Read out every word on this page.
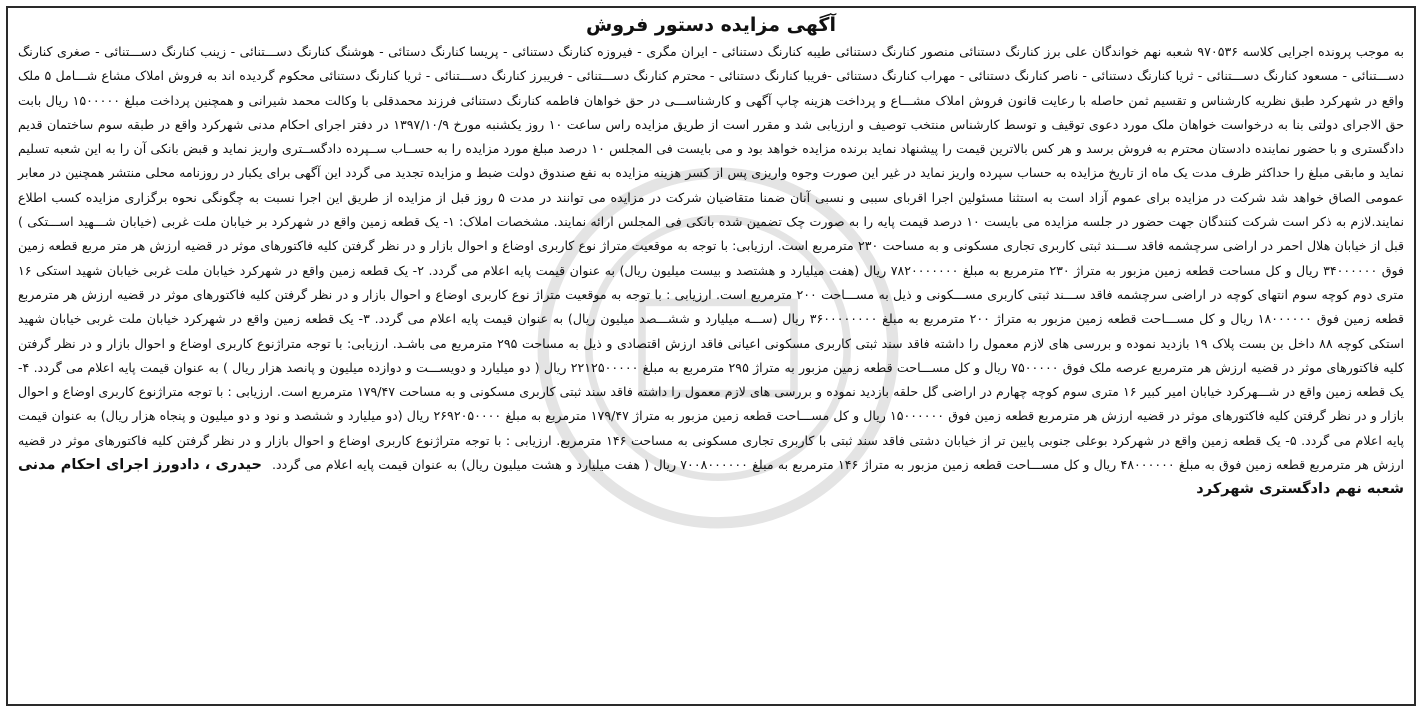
آگهی مزایده دستور فروش

به موجب پرونده اجرایی کلاسه ۹۷۰۵۳۶ شعبه نهم خواندگان علی برز کنارنگ دستنائی منصور کنارنگ دستنائی طیبه کنارنگ دستنائی - ایران مگری - فیروزه کنارنگ دستنائی - پریسا کنارنگ دستائی - هوشنگ کنارنگ دســـتنائی - زینب کنارنگ دســـتنائی - صغری کنارنگ دســـتنائی - مسعود کنارنگ دســـتنائی - ثریا کنارنگ دستنائی - ناصر کنارنگ دستنائی - مهراب کنارنگ دستنائی -فریبا کنارنگ دستنائی - محترم کنارنگ دســـتنائی - فریبرز کنارنگ دســـتنائی - ثریا کنارنگ دستنائی محکوم گردیده اند به فروش املاک مشاع شـــامل ۵ ملک واقع در شهرکرد طبق نظریه کارشناس و تقسیم ثمن حاصله با رعایت قانون فروش املاک مشـــاع و پرداخت هزینه چاپ آگهی و کارشناســـی در حق خواهان فاطمه کنارنگ دستنائی فرزند محمدقلی با وکالت محمد شیرانی و همچنین پرداخت مبلغ ۱۵۰۰۰۰۰ ریال بابت حق الاجرای دولتی بنا به درخواست خواهان ملک مورد دعوی توقیف و توسط کارشناس منتخب توصیف و ارزیابی شد و مقرر است از طریق مزایده راس ساعت ۱۰ روز یکشنبه مورخ ۱۳۹۷/۱۰/۹ در دفتر اجرای احکام مدنی شهرکرد واقع در طبقه سوم ساختمان قدیم دادگستری و با حضور نماینده دادستان محترم به فروش برسد و هر کس بالاترین قیمت را پیشنهاد نماید برنده مزایده خواهد بود و می بایست فی المجلس ۱۰ درصد مبلغ مورد مزایده را به حســاب ســپرده دادگســتری واریز نماید و قبض بانکی آن را به این شعبه تسلیم نماید و مابقی مبلغ را حداکثر ظرف مدت یک ماه از تاریخ مزایده به حساب سپرده واریز نماید در غیر این صورت وجوه واریزی پس از کسر هزینه مزایده به نفع صندوق دولت ضبط و مزایده تجدید می گردد این آگهی برای یکبار در روزنامه محلی منتشر همچنین در معابر عمومی الصاق خواهد شد شرکت در مزایده برای عموم آزاد است به استثنا مسئولین اجرا اقربای سببی و نسبی آنان ضمنا متقاضیان شرکت در مزایده می توانند در مدت ۵ روز قبل از مزایده از طریق این اجرا نسبت به چگونگی نحوه برگزاری مزایده کسب اطلاع نمایند.لازم به ذکر است شرکت کنندگان جهت حضور در جلسه مزایده می بایست ۱۰ درصد قیمت پایه را به صورت چک تضمین شده بانکی فی المجلس ارائه نمایند. مشخصات املاک: ۱- یک قطعه زمین واقع در شهرکرد بر خیابان ملت غربی (خیابان شـــهید اســـتکی ) قبل از خیابان هلال احمر در اراضی سرچشمه فاقد ســـند ثبتی کاربری تجاری مسکونی و به مساحت ۲۳۰ مترمربع است. ارزیابی: با توجه به موقعیت متراژ نوع کاربری اوضاع و احوال بازار و در نظر گرفتن کلیه فاکتورهای موثر در قضیه ارزش هر متر مربع قطعه زمین فوق ۳۴۰۰۰۰۰۰ ریال و کل مساحت قطعه زمین مزبور به متراژ ۲۳۰ مترمربع به مبلغ ۷۸۲۰۰۰۰۰۰۰ ریال (هفت میلیارد و هشتصد و بیست میلیون ریال) به عنوان قیمت پایه اعلام می گردد. ۲- یک قطعه زمین واقع در شهرکرد خیابان ملت غربی خیابان شهید استکی ۱۶ متری دوم کوچه سوم انتهای کوچه در اراضی سرچشمه فاقد ســـند ثبتی کاربری مســـکونی و ذیل به مســـاحت ۲۰۰ مترمربع است. ارزیابی : با توجه به موقعیت متراژ نوع کاربری اوضاع و احوال بازار و در نظر گرفتن کلیه فاکتورهای موثر در قضیه ارزش هر مترمربع قطعه زمین فوق ۱۸۰۰۰۰۰۰ ریال و کل مســـاحت قطعه زمین مزبور به متراژ ۲۰۰ مترمربع به مبلغ ۳۶۰۰۰۰۰۰۰۰ ریال (ســـه میلیارد و ششـــصد میلیون ریال) به عنوان قیمت پایه اعلام می گردد. ۳- یک قطعه زمین واقع در شهرکرد خیابان ملت غربی خیابان شهید استکی کوچه ۸۸ داخل بن بست پلاک ۱۹ بازدید نموده و بررسی های لازم معمول را داشته فاقد سند ثبتی کاربری مسکونی اعیانی فاقد ارزش اقتصادی و ذیل به مساحت ۲۹۵ مترمربع می باشـد. ارزیابی: با توجه متراژنوع کاربری اوضاع و احوال بازار و در نظر گرفتن کلیه فاکتورهای موثر در قضیه ارزش هر مترمربع عرصه ملک فوق ۷۵۰۰۰۰۰ ریال و کل مســـاحت قطعه زمین مزبور به متراژ ۲۹۵ مترمربع به مبلغ ۲۲۱۲۵۰۰۰۰۰ ریال ( دو میلیارد و دویســـت و دوازده میلیون و پانصد هزار ریال ) به عنوان قیمت پایه اعلام می گردد. ۴- یک قطعه زمین واقع در شـــهرکرد خیابان امیر کبیر ۱۶ متری سوم کوچه چهارم در اراضی گل حلقه بازدید نموده و بررسی های لازم معمول را داشته فاقد سند ثبتی کاربری مسکونی و به مساحت ۱۷۹/۴۷ مترمربع است. ارزیابی : با توجه متراژنوع کاربری اوضاع و احوال بازار و در نظر گرفتن کلیه فاکتورهای موثر در قضیه ارزش هر مترمربع قطعه زمین فوق ۱۵۰۰۰۰۰۰ ریال و کل مســـاحت قطعه زمین مزبور به متراژ ۱۷۹/۴۷ مترمربع به مبلغ ۲۶۹۲۰۵۰۰۰۰ ریال (دو میلیارد و ششصد و نود و دو میلیون و پنجاه هزار ریال) به عنوان قیمت پایه اعلام می گردد. ۵- یک قطعه زمین واقع در شهرکرد بوعلی جنوبی پایین تر از خیابان دشتی فاقد سند ثبتی با کاربری تجاری مسکونی به مساحت ۱۴۶ مترمربع. ارزیابی : با توجه متراژنوع کاربری اوضاع و احوال بازار و در نظر گرفتن کلیه فاکتورهای موثر در قضیه ارزش هر مترمربع قطعه زمین فوق به مبلغ ۴۸۰۰۰۰۰۰ ریال و کل مســـاحت قطعه زمین مزبور به متراژ ۱۴۶ مترمربع به مبلغ ۷۰۰۸۰۰۰۰۰۰ ریال ( هفت میلیارد و هشت میلیون ریال) به عنوان قیمت پایه اعلام می گردد.حیدری ، دادورز اجرای احکام مدنی شعبه نهم دادگستری شهرکرد
